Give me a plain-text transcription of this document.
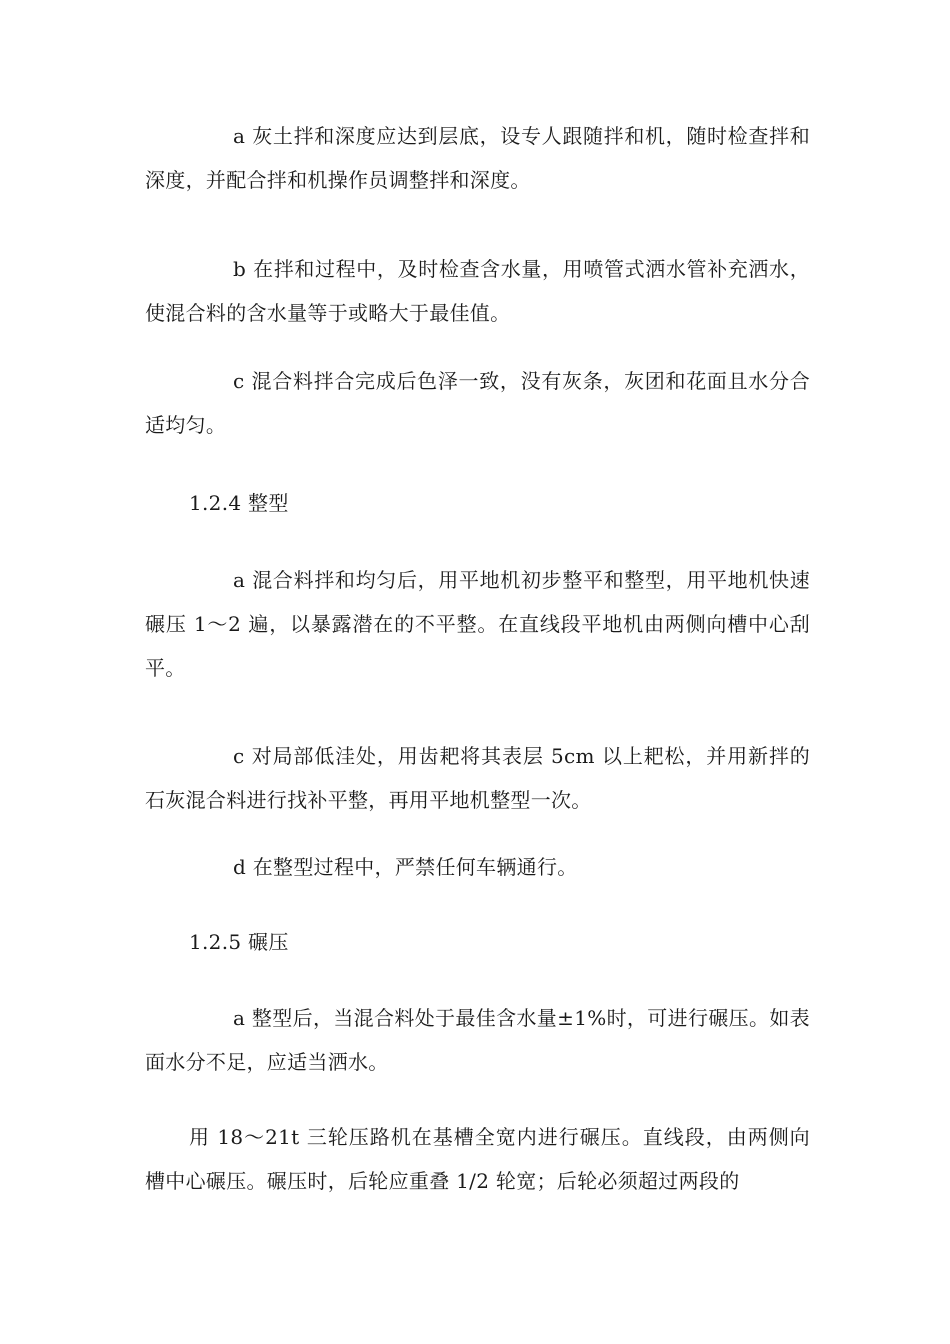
a 灰土拌和深度应达到层底，设专人跟随拌和机，随时检查拌和深度，并配合拌和机操作员调整拌和深度。

b 在拌和过程中，及时检查含水量，用喷管式洒水管补充洒水，使混合料的含水量等于或略大于最佳值。

c 混合料拌合完成后色泽一致，没有灰条，灰团和花面且水分合适均匀。

1.2.4 整型

a 混合料拌和均匀后，用平地机初步整平和整型，用平地机快速碾压 1～2 遍，以暴露潜在的不平整。在直线段平地机由两侧向槽中心刮平。

c 对局部低洼处，用齿耙将其表层 5cm 以上耙松，并用新拌的石灰混合料进行找补平整，再用平地机整型一次。

d 在整型过程中，严禁任何车辆通行。

1.2.5 碾压

a 整型后，当混合料处于最佳含水量±1%时，可进行碾压。如表面水分不足，应适当洒水。

用 18～21t 三轮压路机在基槽全宽内进行碾压。直线段，由两侧向槽中心碾压。碾压时，后轮应重叠 1/2 轮宽；后轮必须超过两段的
